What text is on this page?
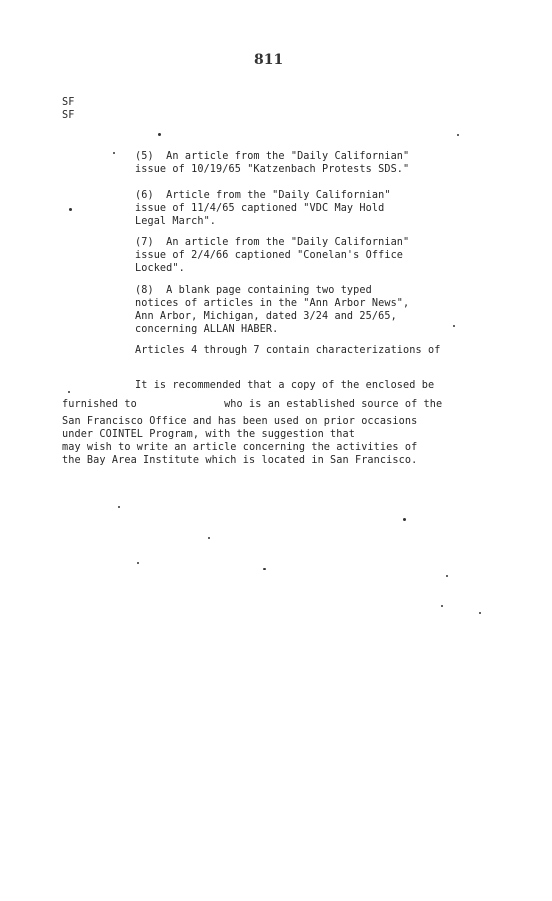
811
SF
SF
(5)  An article from the "Daily Californian"
issue of 10/19/65 "Katzenbach Protests SDS."
(6)  Article from the "Daily Californian"
issue of 11/4/65 captioned "VDC May Hold
Legal March".
(7)  An article from the "Daily Californian"
issue of 2/4/66 captioned "Conelan's Office
Locked".
(8)  A blank page containing two typed
notices of articles in the "Ann Arbor News",
Ann Arbor, Michigan, dated 3/24 and 25/65,
concerning ALLAN HABER.
Articles 4 through 7 contain characterizations of
It is recommended that a copy of the enclosed be
furnished to              who is an established source of the
San Francisco Office and has been used on prior occasions
under COINTEL Program, with the suggestion that
may wish to write an article concerning the activities of
the Bay Area Institute which is located in San Francisco.
